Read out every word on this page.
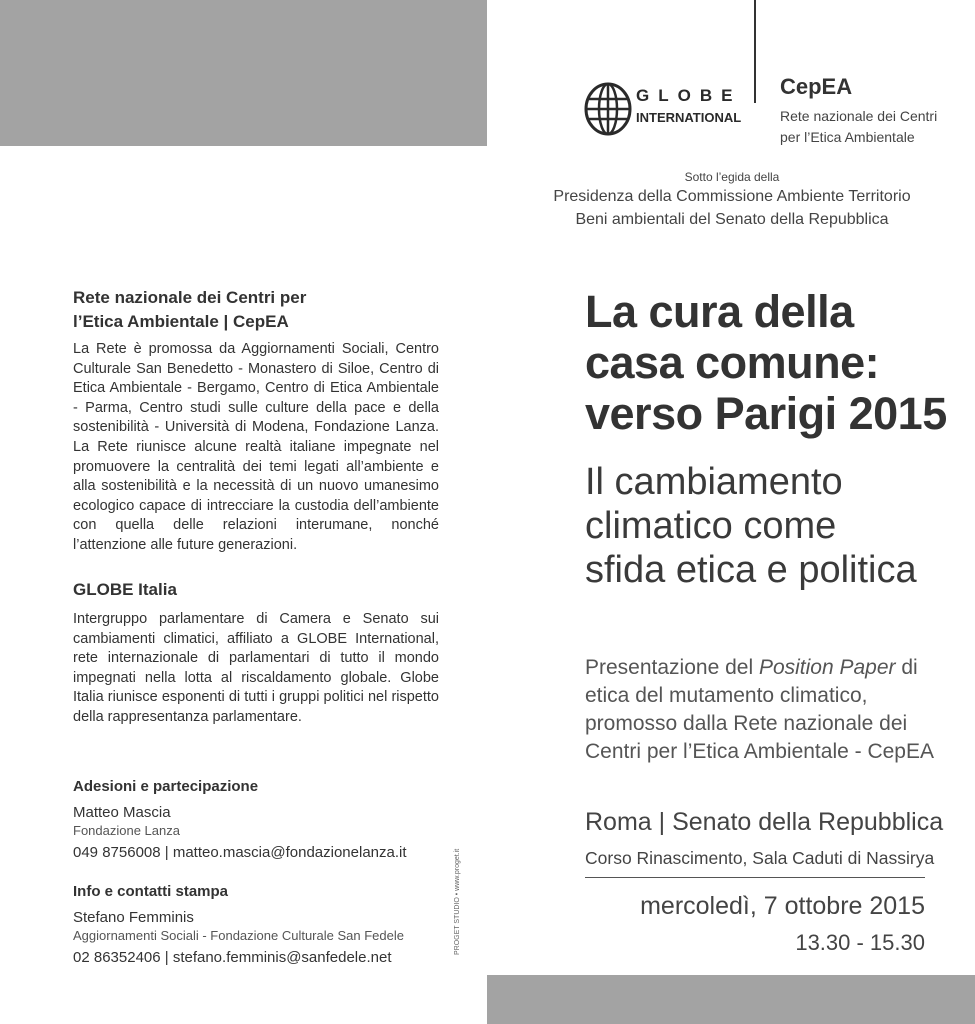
GLOBE
INTERNATIONAL
CepEA
Rete nazionale dei Centri
per l’Etica Ambientale
Sotto l’egida della
Presidenza della Commissione Ambiente Territorio
Beni ambientali del Senato della Repubblica
Rete nazionale dei Centri per
l’Etica Ambientale | CepEA

La Rete è promossa da Aggiornamenti Sociali, Centro Culturale San Benedetto - Monastero di Siloe, Centro di Etica Ambientale - Bergamo, Centro di Etica Ambientale - Parma, Centro studi sulle culture della pace e della sostenibilità - Università di Modena, Fondazione Lanza. La Rete riunisce alcune realtà italiane impegnate nel promuovere la centralità dei temi legati all’ambiente e alla sostenibilità e la necessità di un nuovo umanesimo ecologico capace di intrecciare la custodia dell’ambiente con quella delle relazioni interumane, nonché l’attenzione alle future generazioni.

GLOBE Italia

Intergruppo parlamentare di Camera e Senato sui cambiamenti climatici, affiliato a GLOBE International, rete internazionale di parlamentari di tutto il mondo impegnati nella lotta al riscaldamento globale. Globe Italia riunisce esponenti di tutti i gruppi politici nel rispetto della rappresentanza parlamentare.

Adesioni e partecipazione
Matteo Mascia
Fondazione Lanza
049 8756008 | matteo.mascia@fondazionelanza.it
Info e contatti stampa
Stefano Femminis
Aggiornamenti Sociali - Fondazione Culturale San Fedele
02 86352406 | stefano.femminis@sanfedele.net
PROGET STUDIO • www.proget.it
La cura della
casa comune:
verso Parigi 2015
Il cambiamento
climatico come
sfida etica e politica
Presentazione del Position Paper di
etica del mutamento climatico,
promosso dalla Rete nazionale dei
Centri per l’Etica Ambientale - CepEA
Roma | Senato della Repubblica
Corso Rinascimento, Sala Caduti di Nassirya
mercoledì, 7 ottobre 2015
13.30 - 15.30
